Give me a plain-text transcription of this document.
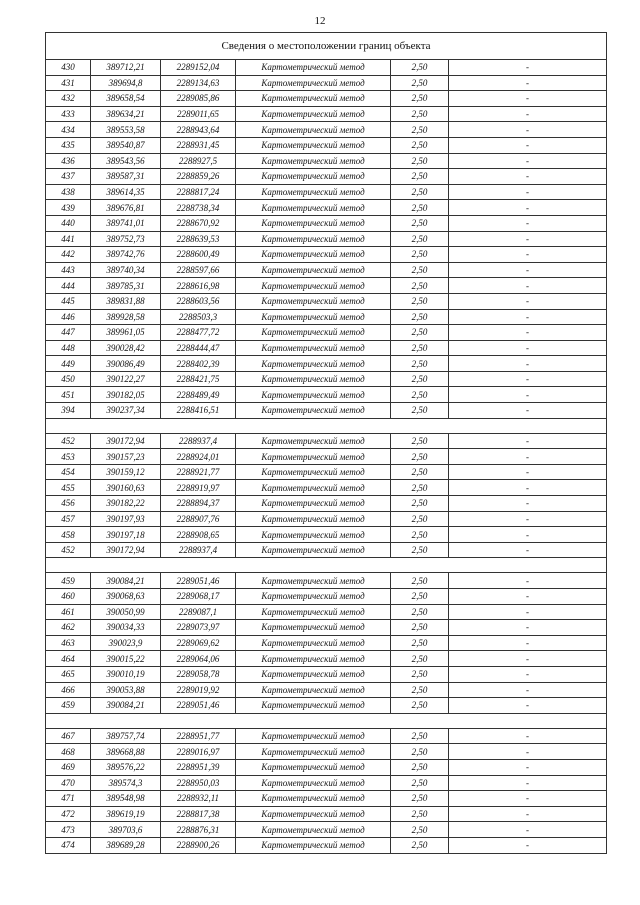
12
Сведения о местоположении границ объекта					
430	389712,21	2289152,04	Картометрический метод	2,50	-
431	389694,8	2289134,63	Картометрический метод	2,50	-
432	389658,54	2289085,86	Картометрический метод	2,50	-
433	389634,21	2289011,65	Картометрический метод	2,50	-
434	389553,58	2288943,64	Картометрический метод	2,50	-
435	389540,87	2288931,45	Картометрический метод	2,50	-
436	389543,56	2288927,5	Картометрический метод	2,50	-
437	389587,31	2288859,26	Картометрический метод	2,50	-
438	389614,35	2288817,24	Картометрический метод	2,50	-
439	389676,81	2288738,34	Картометрический метод	2,50	-
440	389741,01	2288670,92	Картометрический метод	2,50	-
441	389752,73	2288639,53	Картометрический метод	2,50	-
442	389742,76	2288600,49	Картометрический метод	2,50	-
443	389740,34	2288597,66	Картометрический метод	2,50	-
444	389785,31	2288616,98	Картометрический метод	2,50	-
445	389831,88	2288603,56	Картометрический метод	2,50	-
446	389928,58	2288503,3	Картометрический метод	2,50	-
447	389961,05	2288477,72	Картометрический метод	2,50	-
448	390028,42	2288444,47	Картометрический метод	2,50	-
449	390086,49	2288402,39	Картометрический метод	2,50	-
450	390122,27	2288421,75	Картометрический метод	2,50	-
451	390182,05	2288489,49	Картометрический метод	2,50	-
394	390237,34	2288416,51	Картометрический метод	2,50	-

452	390172,94	2288937,4	Картометрический метод	2,50	-
453	390157,23	2288924,01	Картометрический метод	2,50	-
454	390159,12	2288921,77	Картометрический метод	2,50	-
455	390160,63	2288919,97	Картометрический метод	2,50	-
456	390182,22	2288894,37	Картометрический метод	2,50	-
457	390197,93	2288907,76	Картометрический метод	2,50	-
458	390197,18	2288908,65	Картометрический метод	2,50	-
452	390172,94	2288937,4	Картометрический метод	2,50	-

459	390084,21	2289051,46	Картометрический метод	2,50	-
460	390068,63	2289068,17	Картометрический метод	2,50	-
461	390050,99	2289087,1	Картометрический метод	2,50	-
462	390034,33	2289073,97	Картометрический метод	2,50	-
463	390023,9	2289069,62	Картометрический метод	2,50	-
464	390015,22	2289064,06	Картометрический метод	2,50	-
465	390010,19	2289058,78	Картометрический метод	2,50	-
466	390053,88	2289019,92	Картометрический метод	2,50	-
459	390084,21	2289051,46	Картометрический метод	2,50	-

467	389757,74	2288951,77	Картометрический метод	2,50	-
468	389668,88	2289016,97	Картометрический метод	2,50	-
469	389576,22	2288951,39	Картометрический метод	2,50	-
470	389574,3	2288950,03	Картометрический метод	2,50	-
471	389548,98	2288932,11	Картометрический метод	2,50	-
472	389619,19	2288817,38	Картометрический метод	2,50	-
473	389703,6	2288876,31	Картометрический метод	2,50	-
474	389689,28	2288900,26	Картометрический метод	2,50	-
